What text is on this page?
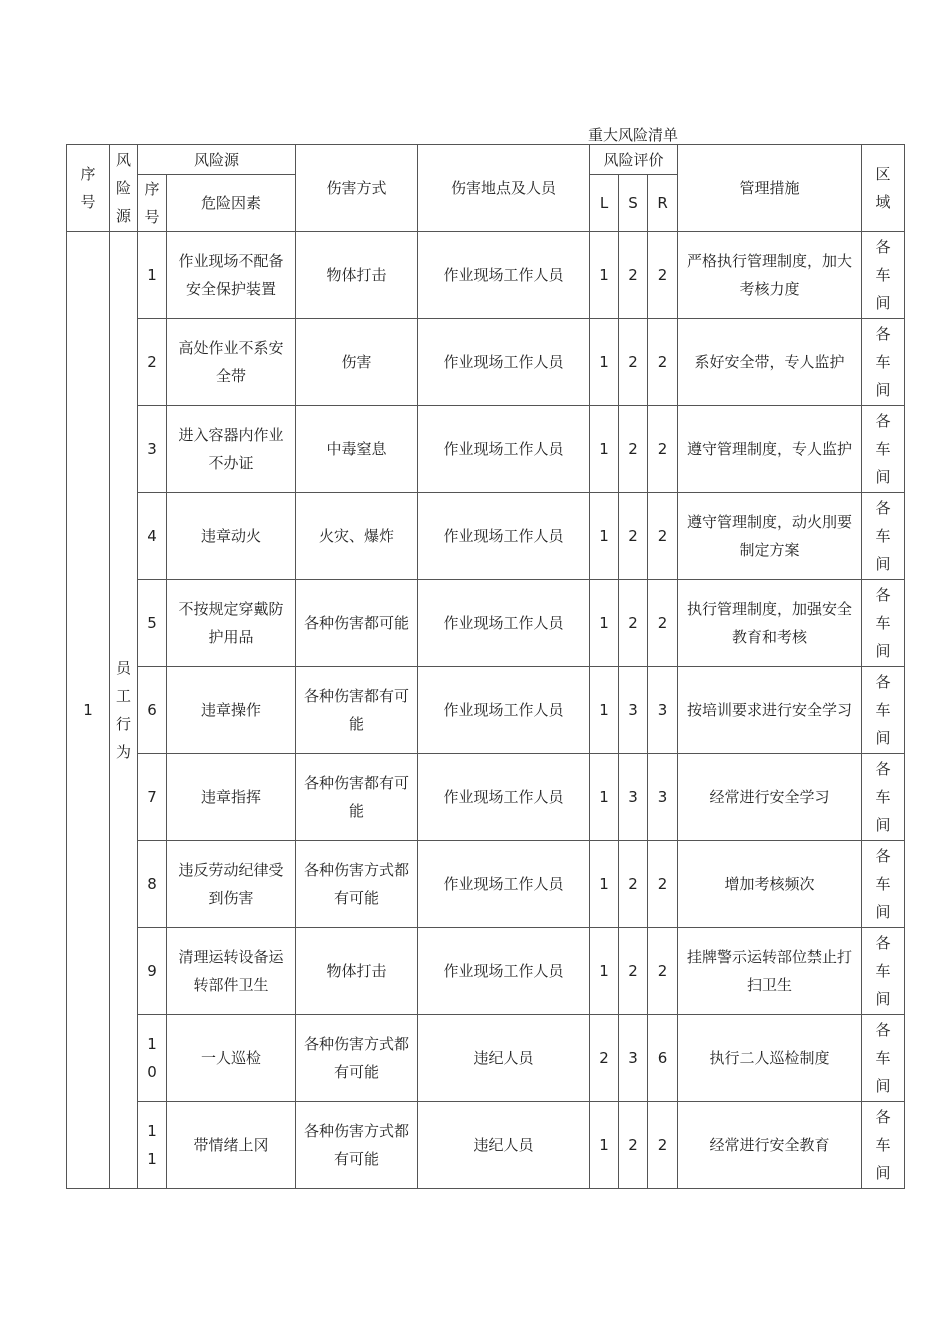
重大风险清单
序号	风险源	风险源		伤害方式	伤害地点及人员	风险评价			管理措施	区域
		序号	危险因素			L	S	R		
1	员工行为	1	作业现场不配备安全保护装置	物体打击	作业现场工作人员	1	2	2	严格执行管理制度，加大考核力度	各车间
		2	高处作业不系安全带	伤害	作业现场工作人员	1	2	2	系好安全带，专人监护	各车间
		3	进入容器内作业不办证	中毒窒息	作业现场工作人员	1	2	2	遵守管理制度，专人监护	各车间
		4	违章动火	火灾、爆炸	作业现场工作人员	1	2	2	遵守管理制度，动火刖要制定方案	各车间
		5	不按规定穿戴防护用品	各种伤害都可能	作业现场工作人员	1	2	2	执行管理制度，加强安全教育和考核	各车间
		6	违章操作	各种伤害都有可能	作业现场工作人员	1	3	3	按培训要求进行安全学习	各车间
		7	违章指挥	各种伤害都有可能	作业现场工作人员	1	3	3	经常进行安全学习	各车间
		8	违反劳动纪律受到伤害	各种伤害方式都有可能	作业现场工作人员	1	2	2	增加考核频次	各车间
		9	清理运转设备运转部件卫生	物体打击	作业现场工作人员	1	2	2	挂牌警示运转部位禁止打扫卫生	各车间
		10	一人巡检	各种伤害方式都有可能	违纪人员	2	3	6	执行二人巡检制度	各车间
		11	带情绪上冈	各种伤害方式都有可能	违纪人员	1	2	2	经常进行安全教育	各车间
